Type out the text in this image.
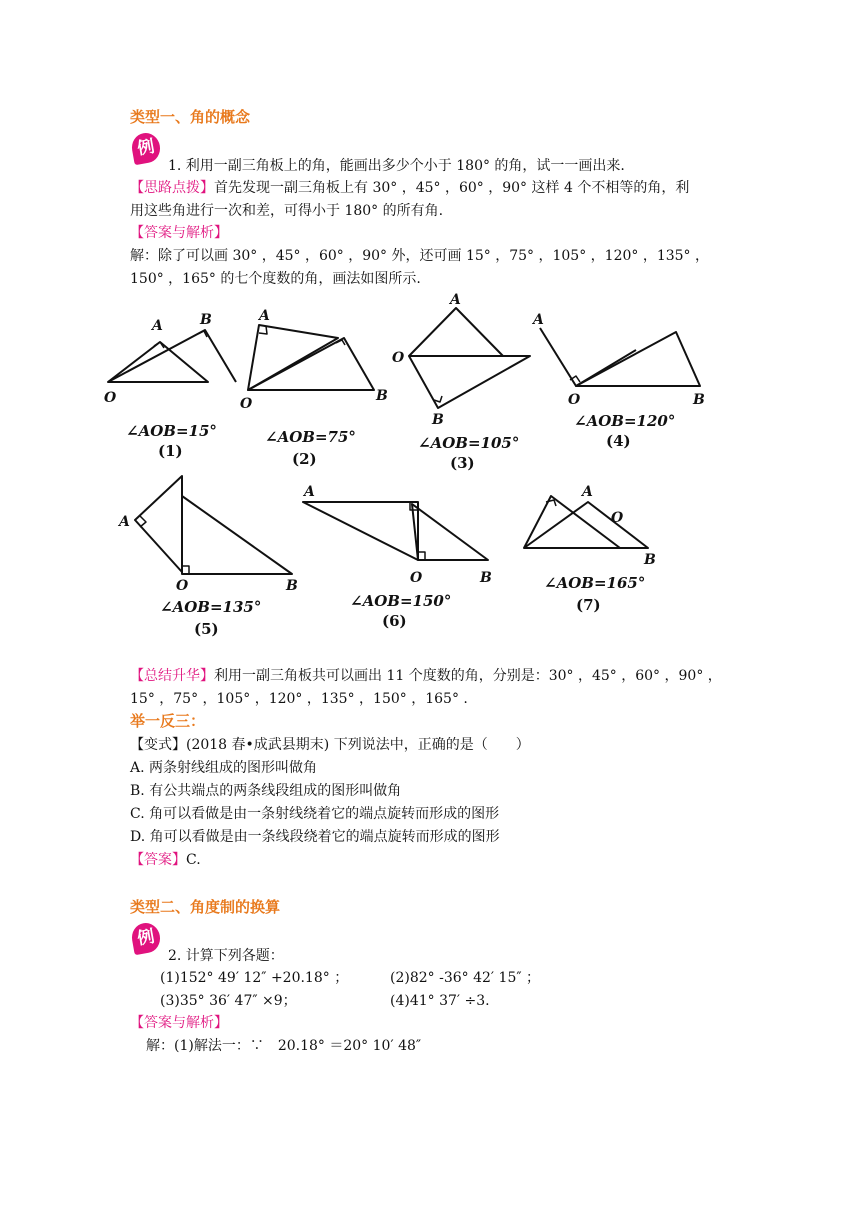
类型一、角的概念
例
1. 利用一副三角板上的角，能画出多少个小于 180° 的角，试一一画出来.
【思路点拨】首先发现一副三角板上有 30° ，45° ，60° ，90° 这样 4 个不相等的角，利
用这些角进行一次和差，可得小于 180° 的所有角.
【答案与解析】
解：除了可以画 30° ，45° ，60° ，90° 外，还可画 15° ，75° ，105° ，120° ，135° ，
150° ，165° 的七个度数的角，画法如图所示.
A	B
O
∠AOB=15°
(1)
A
O	B
∠AOB=75°
(2)
A
O
B
∠AOB=105°
(3)
A
O	B
∠AOB=120°
(4)
A
O	B
∠AOB=135°
(5)
A
O	B
∠AOB=150°
(6)
A
O
B
∠AOB=165°
(7)
【总结升华】利用一副三角板共可以画出 11 个度数的角，分别是：30° ，45° ，60° ，90° ，
15° ，75° ，105° ，120° ，135° ，150° ，165° .
举一反三：
【变式】(2018 春•成武县期末) 下列说法中，正确的是（　　）
A. 两条射线组成的图形叫做角
B. 有公共端点的两条线段组成的图形叫做角
C. 角可以看做是由一条射线绕着它的端点旋转而形成的图形
D. 角可以看做是由一条线段绕着它的端点旋转而形成的图形
【答案】C.
类型二、角度制的换算
例
2. 计算下列各题：
(1)152° 49′ 12″ +20.18° ；	(2)82° -36° 42′ 15″ ；
(3)35° 36′ 47″ ×9；	(4)41° 37′ ÷3.
【答案与解析】
解：(1)解法一：∵　20.18° ＝20° 10′ 48″
